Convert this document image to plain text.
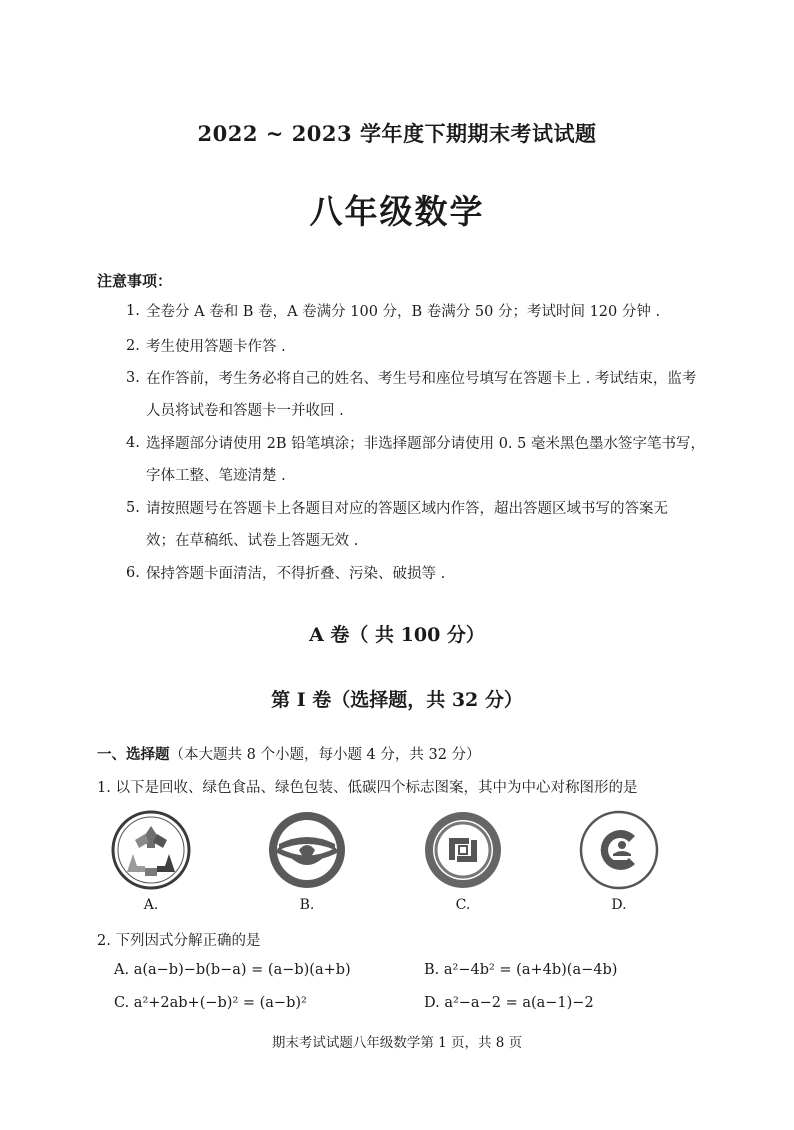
2022 ~ 2023 学年度下期期末考试试题
八年级数学
注意事项：
1. 全卷分 A 卷和 B 卷，A 卷满分 100 分，B 卷满分 50 分；考试时间 120 分钟 .
2. 考生使用答题卡作答 .
3. 在作答前，考生务必将自己的姓名、考生号和座位号填写在答题卡上 . 考试结束，监考
人员将试卷和答题卡一并收回 .
4. 选择题部分请使用 2B 铅笔填涂；非选择题部分请使用 0. 5 毫米黑色墨水签字笔书写，
字体工整、笔迹清楚 .
5. 请按照题号在答题卡上各题目对应的答题区域内作答，超出答题区域书写的答案无
效；在草稿纸、试卷上答题无效 .
6. 保持答题卡面清洁，不得折叠、污染、破损等 .
A 卷（ 共 100 分）
第 Ⅰ 卷（选择题，共 32 分）
一、选择题（本大题共 8 个小题，每小题 4 分，共 32 分）
1. 以下是回收、绿色食品、绿色包装、低碳四个标志图案，其中为中心对称图形的是
A.	B.	C.	D.
2. 下列因式分解正确的是
A. a(a−b)−b(b−a) = (a−b)(a+b)	B. a²−4b² = (a+4b)(a−4b)
C. a²+2ab+(−b)² = (a−b)²	D. a²−a−2 = a(a−1)−2
期末考试试题八年级数学第 1 页，共 8 页
